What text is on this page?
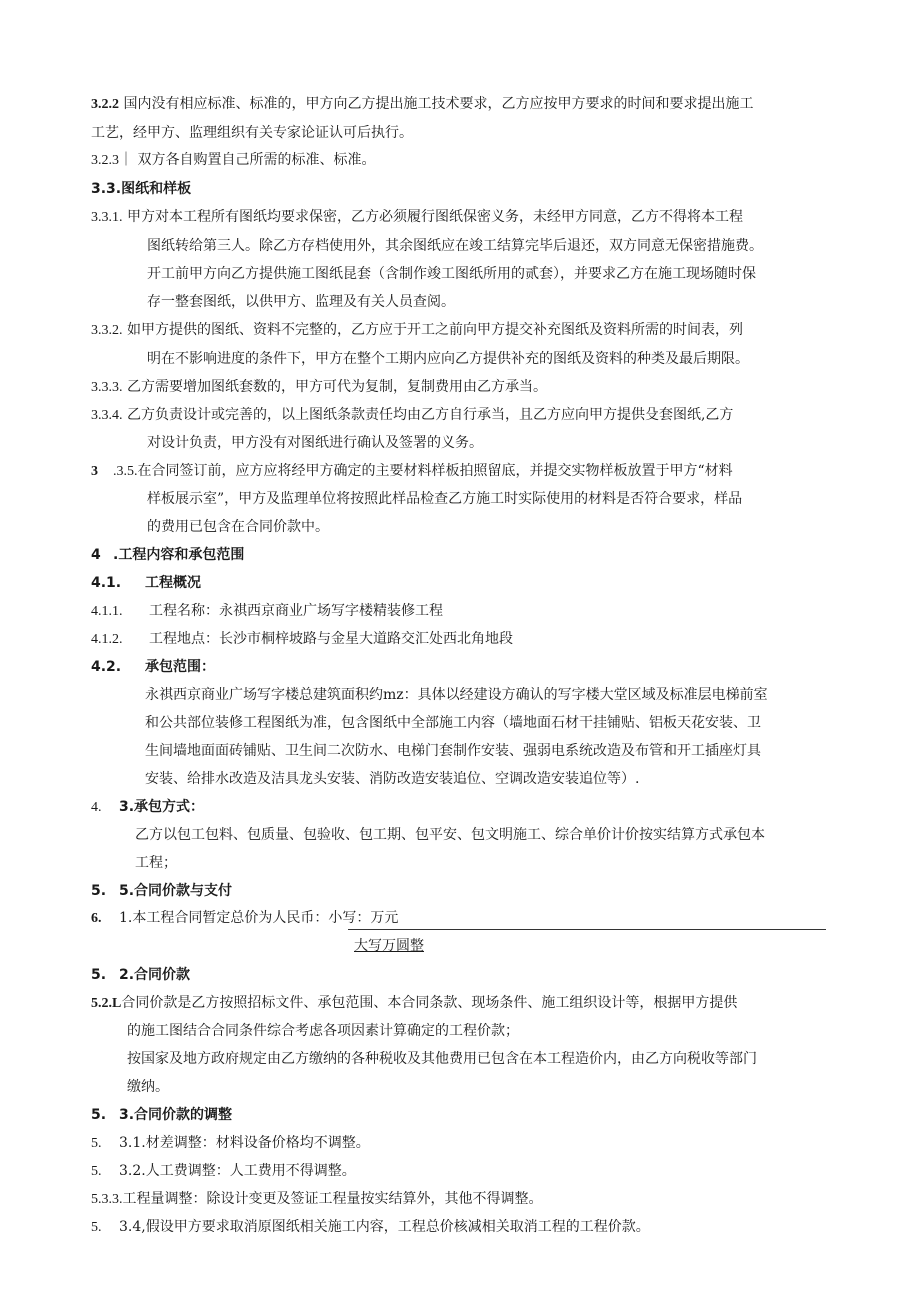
3.2.2 国内没有相应标准、标准的，甲方向乙方提出施工技术要求，乙方应按甲方要求的时间和要求提出施工
工艺，经甲方、监理组织有关专家论证认可后执行。
3.2.3｜ 双方各自购置自己所需的标准、标准。
3.3.图纸和样板
3.3.1. 甲方对本工程所有图纸均要求保密，乙方必须履行图纸保密义务，未经甲方同意，乙方不得将本工程
图纸转给第三人。除乙方存档使用外，其余图纸应在竣工结算完毕后退还，双方同意无保密措施费。
开工前甲方向乙方提供施工图纸昆套（含制作竣工图纸所用的贰套），并要求乙方在施工现场随时保
存一整套图纸，以供甲方、监理及有关人员查阅。
3.3.2. 如甲方提供的图纸、资料不完整的，乙方应于开工之前向甲方提交补充图纸及资料所需的时间表，列
明在不影响进度的条件下，甲方在整个工期内应向乙方提供补充的图纸及资料的种类及最后期限。
3.3.3. 乙方需要增加图纸套数的，甲方可代为复制，复制费用由乙方承当。
3.3.4. 乙方负责设计或完善的，以上图纸条款责任均由乙方自行承当，且乙方应向甲方提供殳套图纸,乙方
对设计负责，甲方没有对图纸进行确认及签署的义务。
3 .3.5.在合同签订前，应方应将经甲方确定的主要材料样板拍照留底，并提交实物样板放置于甲方“材料
样板展示室”，甲方及监理单位将按照此样品检查乙方施工时实际使用的材料是否符合要求，样品
的费用已包含在合同价款中。
4 .工程内容和承包范围
4.1. 工程概况
4.1.1. 工程名称：永祺西京商业广场写字楼精装修工程
4.1.2. 工程地点：长沙市桐梓坡路与金星大道路交汇处西北角地段
4.2. 承包范围：
永祺西京商业广场写字楼总建筑面积约mz：具体以经建设方确认的写字楼大堂区域及标准层电梯前室
和公共部位装修工程图纸为准，包含图纸中全部施工内容（墙地面石材干挂铺贴、铝板天花安装、卫
生间墙地面面砖铺贴、卫生间二次防水、电梯门套制作安装、强弱电系统改造及布管和开工插座灯具
安装、给排水改造及洁具龙头安装、消防改造安装追位、空调改造安装追位等）.
4. 3.承包方式：
乙方以包工包料、包质量、包验收、包工期、包平安、包文明施工、综合单价计价按实结算方式承包本
工程；
5. 5.合同价款与支付
6. 1.本工程合同暂定总价为人民币：小写：万元
大写万圆整
5. 2.合同价款
5.2.L合同价款是乙方按照招标文件、承包范围、本合同条款、现场条件、施工组织设计等，根据甲方提供
的施工图结合合同条件综合考虑各项因素计算确定的工程价款；
按国家及地方政府规定由乙方缴纳的各种税收及其他费用已包含在本工程造价内，由乙方向税收等部门
缴纳。
5. 3.合同价款的调整
5. 3.1.材差调整：材料设备价格均不调整。
5. 3.2.人工费调整：人工费用不得调整。
5.3.3.工程量调整：除设计变更及签证工程量按实结算外，其他不得调整。
5. 3.4,假设甲方要求取消原图纸相关施工内容，工程总价核减相关取消工程的工程价款。
